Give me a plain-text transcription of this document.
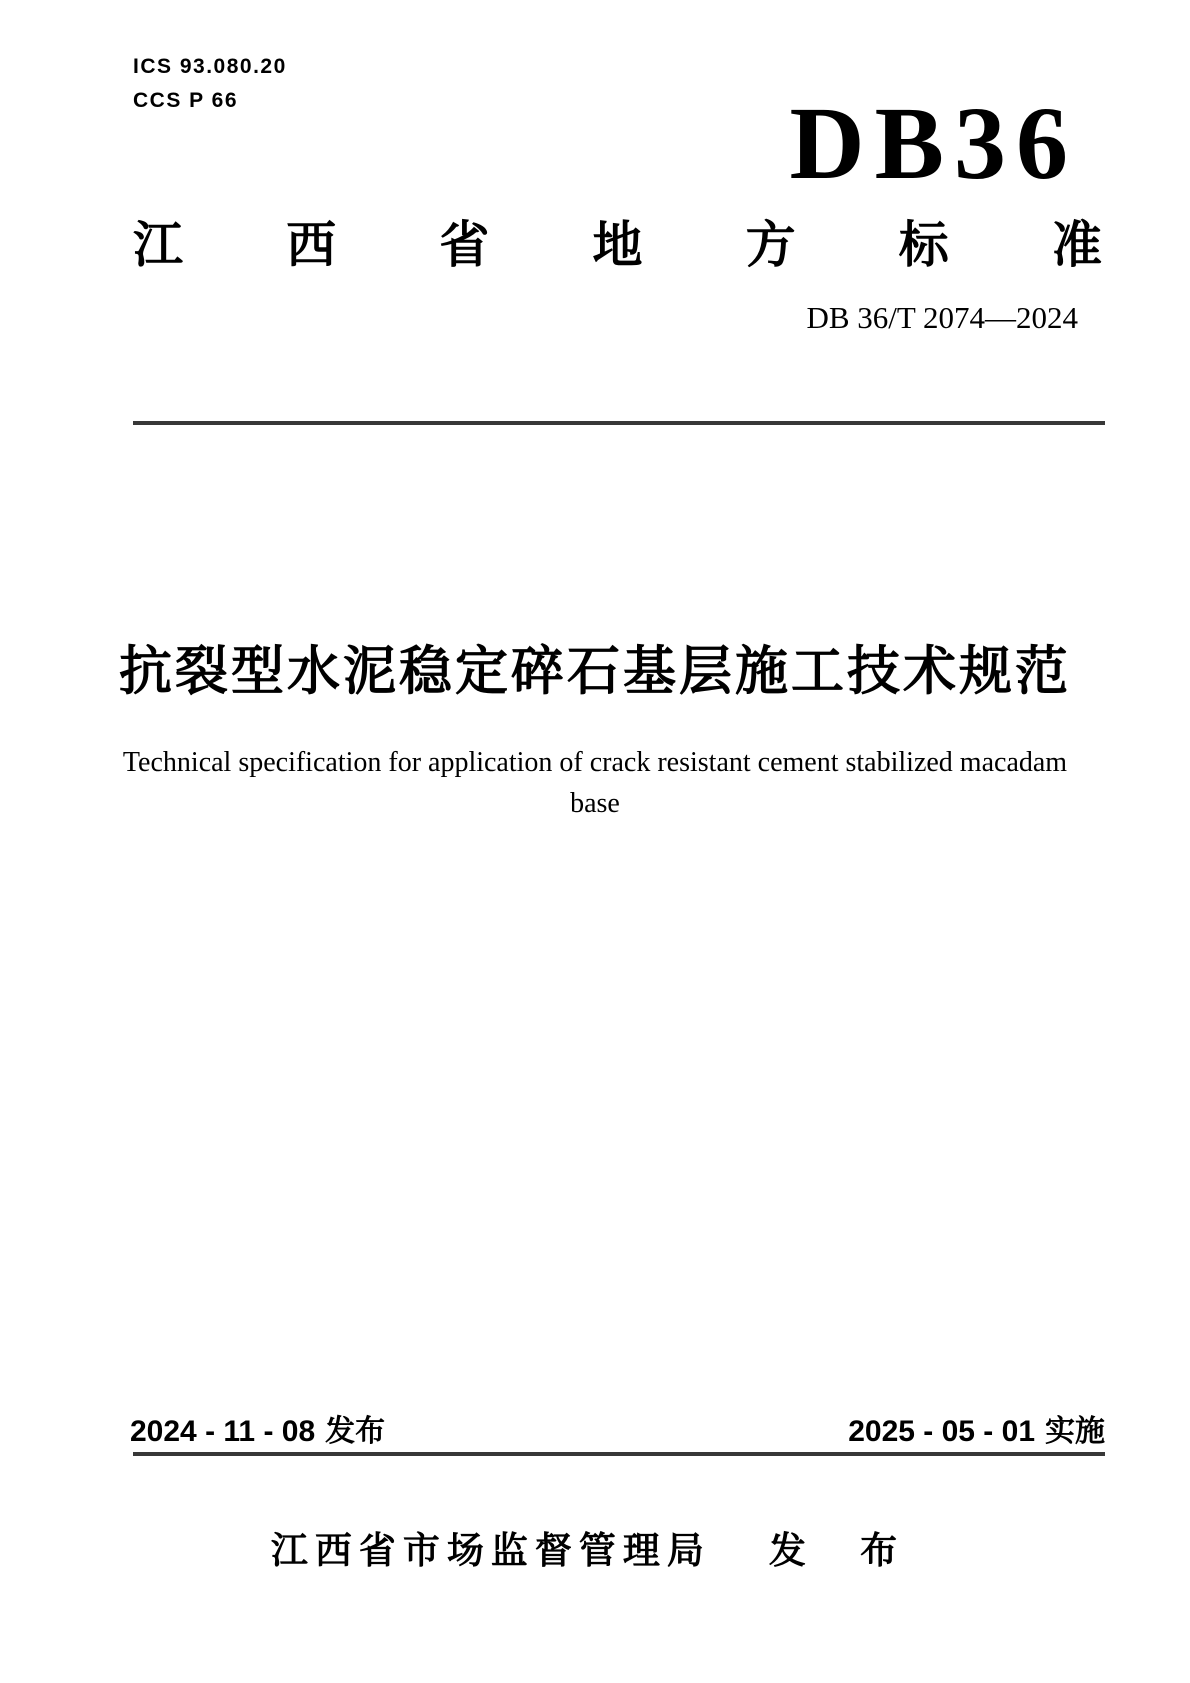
ICS 93.080.20
CCS P 66	DB36
江 西 省 地 方 标 准
DB 36/T 2074—2024
抗裂型水泥稳定碎石基层施工技术规范
Technical specification for application of crack resistant cement stabilized macadam
base
2024 - 11 - 08 发布	2025 - 05 - 01 实施
江西省市场监督管理局 发 布
